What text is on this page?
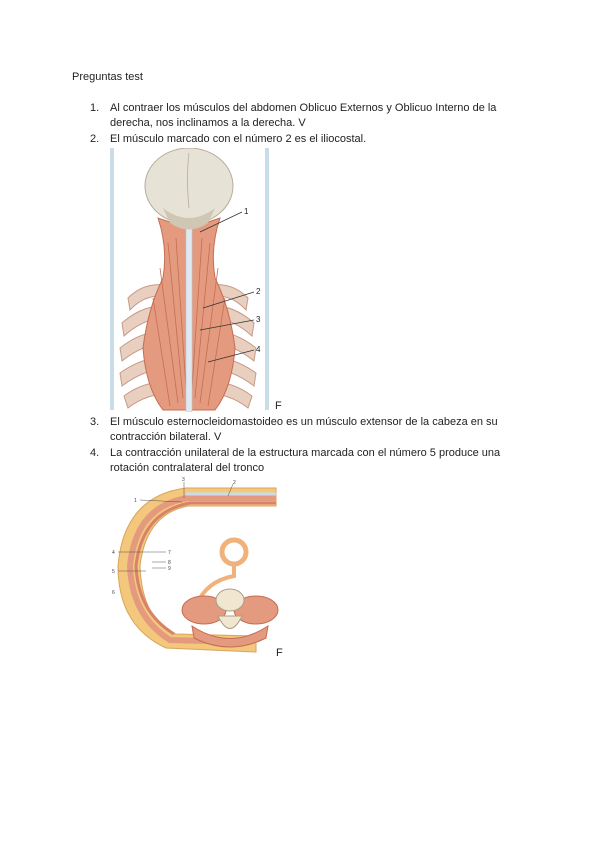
Preguntas test
1. Al contraer los músculos del abdomen Oblicuo Externos y Oblicuo Interno de la derecha, nos inclinamos a la derecha. V
2. El músculo marcado con el número 2 es el iliocostal.
1
2
3
4
F
3. El músculo esternocleidomastoideo es un músculo extensor de la cabeza en su contracción bilateral. V
4. La contracción unilateral de la estructura marcada con el número 5 produce una rotación contralateral del tronco
3	2
1
4	7
8
9
5
6
F
